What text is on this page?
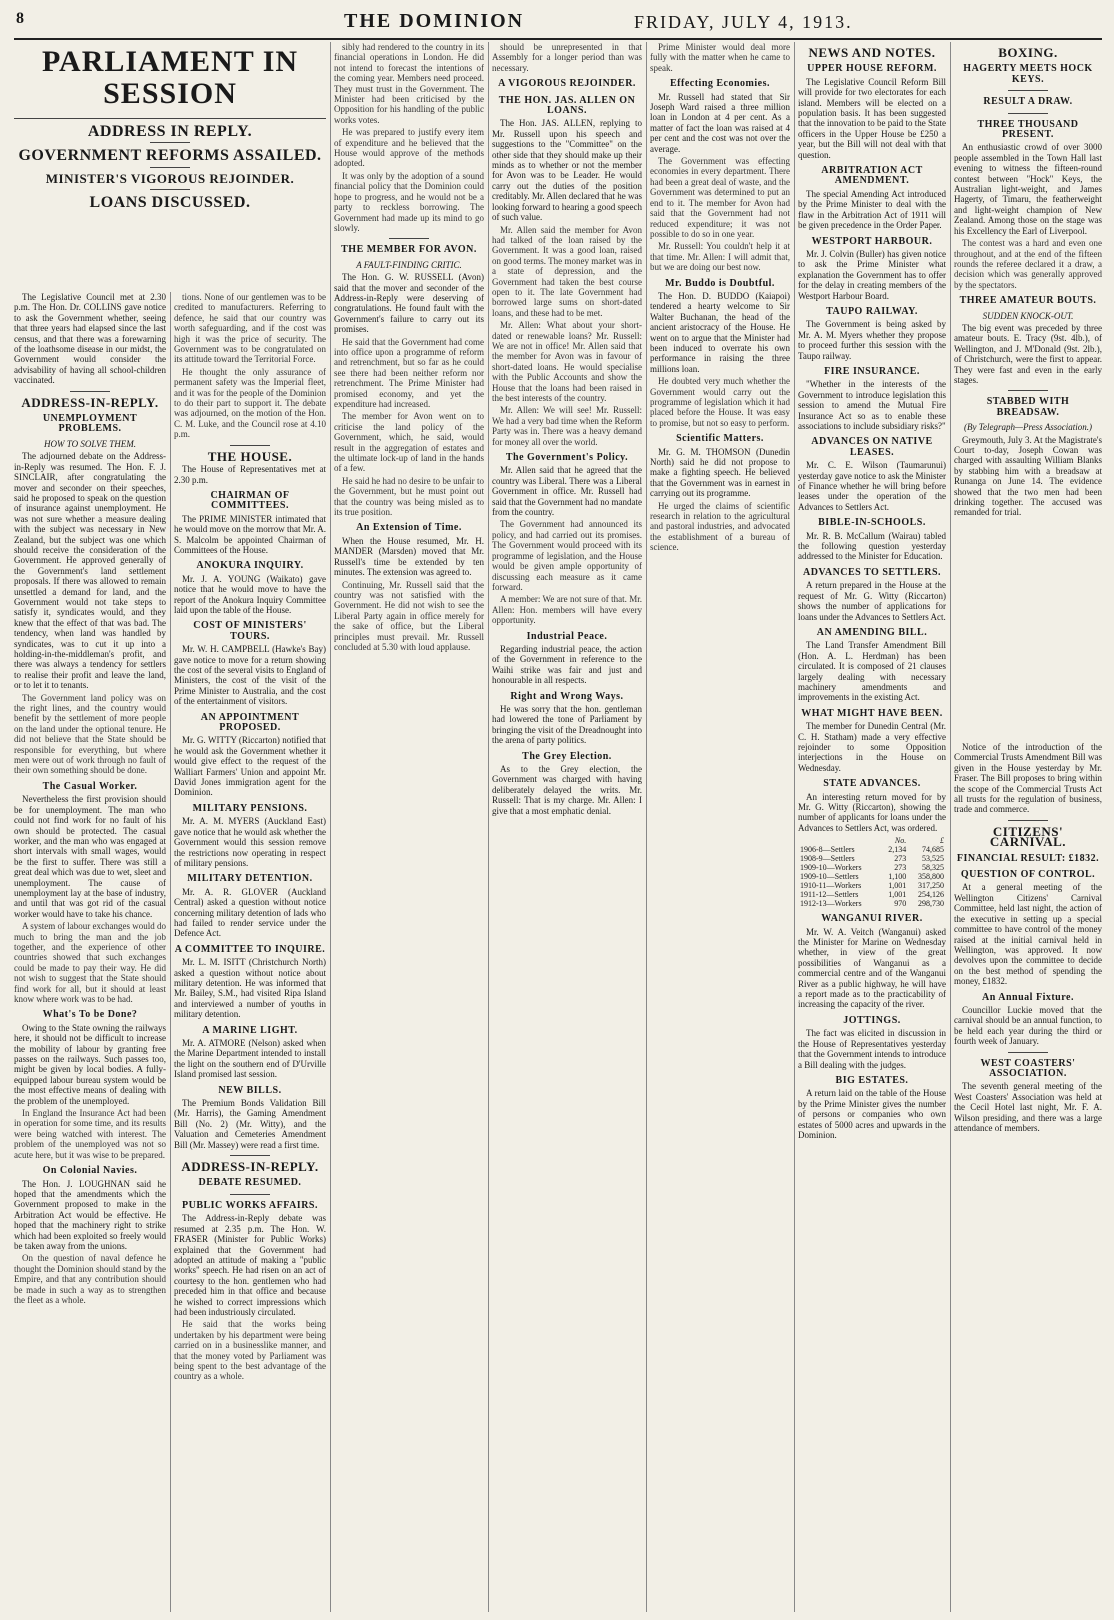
8	THE DOMINION	FRIDAY, JULY 4, 1913.
PARLIAMENT IN SESSION
ADDRESS IN REPLY.
GOVERNMENT REFORMS ASSAILED.
MINISTER'S VIGOROUS REJOINDER.
LOANS DISCUSSED.

The Legislative Council met at 2.30 p.m. The Hon. Dr. COLLINS gave notice to ask the Government whether, seeing that three years had elapsed since the last census, and that there was a forewarning of the loathsome disease in our midst, the Government would consider the advisability of having all school-children vaccinated.

ADDRESS-IN-REPLY.
UNEMPLOYMENT PROBLEMS.
HOW TO SOLVE THEM.

The adjourned debate on the Address-in-Reply was resumed. The Hon. F. J. SINCLAIR, after congratulating the mover and seconder on their speeches, said he proposed to speak on the question of insurance against unemployment. He was not sure whether a measure dealing with the subject was necessary in New Zealand, but the subject was one which should receive the consideration of the Government. He approved generally of the Government's land settlement proposals. If there was allowed to remain unsettled a demand for land, and the Government would not take steps to satisfy it, syndicates would, and they knew that the effect of that was bad. The tendency, when land was handled by syndicates, was to cut it up into a holding-in-the-middleman's profit, and there was always a tendency for settlers to realise their profit and leave the land, or to let it to tenants.

The Government land policy was on the right lines, and the country would benefit by the settlement of more people on the land under the optional tenure. He did not believe that the State should be responsible for everything, but where men were out of work through no fault of their own something should be done.

The Casual Worker.

Nevertheless the first provision should be for unemployment. The man who could not find work for no fault of his own should be protected. The casual worker, and the man who was engaged at short intervals with small wages, would be the first to suffer. There was still a great deal which was due to wet, sleet and unemployment. The cause of unemployment lay at the base of industry, and until that was got rid of the casual worker would have to take his chance.

A system of labour exchanges would do much to bring the man and the job together, and the experience of other countries showed that such exchanges could be made to pay their way. He did not wish to suggest that the State should find work for all, but it should at least know where work was to be had.

What's To be Done?

Owing to the State owning the railways here, it should not be difficult to increase the mobility of labour by granting free passes on the railways. Such passes too, might be given by local bodies. A fully-equipped labour bureau system would be the most effective means of dealing with the problem of the unemployed.

In England the Insurance Act had been in operation for some time, and its results were being watched with interest. The problem of the unemployed was not so acute here, but it was wise to be prepared.

On Colonial Navies.

The Hon. J. LOUGHNAN said he hoped that the amendments which the Government proposed to make in the Arbitration Act would be effective. He hoped that the machinery right to strike which had been exploited so freely would be taken away from the unions.

On the question of naval defence he thought the Dominion should stand by the Empire, and that any contribution should be made in such a way as to strengthen the fleet as a whole.

tions. None of our gentlemen was to be credited to manufacturers. Referring to defence, he said that our country was worth safeguarding, and if the cost was high it was the price of security. The Government was to be congratulated on its attitude toward the Territorial Force.

He thought the only assurance of permanent safety was the Imperial fleet, and it was for the people of the Dominion to do their part to support it. The debate was adjourned, on the motion of the Hon. C. M. Luke, and the Council rose at 4.10 p.m.

THE HOUSE.

The House of Representatives met at 2.30 p.m.

CHAIRMAN OF COMMITTEES.

The PRIME MINISTER intimated that he would move on the morrow that Mr. A. S. Malcolm be appointed Chairman of Committees of the House.

ANOKURA INQUIRY.

Mr. J. A. YOUNG (Waikato) gave notice that he would move to have the report of the Anokura Inquiry Committee laid upon the table of the House.

COST OF MINISTERS' TOURS.

Mr. W. H. CAMPBELL (Hawke's Bay) gave notice to move for a return showing the cost of the several visits to England of Ministers, the cost of the visit of the Prime Minister to Australia, and the cost of the entertainment of visitors.

AN APPOINTMENT PROPOSED.

Mr. G. WITTY (Riccarton) notified that he would ask the Government whether it would give effect to the request of the Walliart Farmers' Union and appoint Mr. David Jones immigration agent for the Dominion.

MILITARY PENSIONS.

Mr. A. M. MYERS (Auckland East) gave notice that he would ask whether the Government would this session remove the restrictions now operating in respect of military pensions.

MILITARY DETENTION.

Mr. A. R. GLOVER (Auckland Central) asked a question without notice concerning military detention of lads who had failed to render service under the Defence Act.

A COMMITTEE TO INQUIRE.

Mr. L. M. ISITT (Christchurch North) asked a question without notice about military detention. He was informed that Mr. Bailey, S.M., had visited Ripa Island and interviewed a number of youths in military detention.

A MARINE LIGHT.

Mr. A. ATMORE (Nelson) asked when the Marine Department intended to install the light on the southern end of D'Urville Island promised last session.

NEW BILLS.

The Premium Bonds Validation Bill (Mr. Harris), the Gaming Amendment Bill (No. 2) (Mr. Witty), and the Valuation and Cemeteries Amendment Bill (Mr. Massey) were read a first time.

ADDRESS-IN-REPLY.
DEBATE RESUMED.
PUBLIC WORKS AFFAIRS.

The Address-in-Reply debate was resumed at 2.35 p.m. The Hon. W. FRASER (Minister for Public Works) explained that the Government had adopted an attitude of making a "public works" speech. He had risen on an act of courtesy to the hon. gentlemen who had preceded him in that office and because he wished to correct impressions which had been industriously circulated.

He said that the works being undertaken by his department were being carried on in a businesslike manner, and that the money voted by Parliament was being spent to the best advantage of the country as a whole.

sibly had rendered to the country in its financial operations in London. He did not intend to forecast the intentions of the coming year. Members need proceed. They must trust in the Government. The Minister had been criticised by the Opposition for his handling of the public works votes.

He was prepared to justify every item of expenditure and he believed that the House would approve of the methods adopted.

It was only by the adoption of a sound financial policy that the Dominion could hope to progress, and he would not be a party to reckless borrowing. The Government had made up its mind to go slowly.

THE MEMBER FOR AVON.
A FAULT-FINDING CRITIC.

The Hon. G. W. RUSSELL (Avon) said that the mover and seconder of the Address-in-Reply were deserving of congratulations. He found fault with the Government's failure to carry out its promises.

He said that the Government had come into office upon a programme of reform and retrenchment, but so far as he could see there had been neither reform nor retrenchment. The Prime Minister had promised economy, and yet the expenditure had increased.

The member for Avon went on to criticise the land policy of the Government, which, he said, would result in the aggregation of estates and the ultimate lock-up of land in the hands of a few.

He said he had no desire to be unfair to the Government, but he must point out that the country was being misled as to its true position.

An Extension of Time.

When the House resumed, Mr. H. MANDER (Marsden) moved that Mr. Russell's time be extended by ten minutes. The extension was agreed to.

Continuing, Mr. Russell said that the country was not satisfied with the Government. He did not wish to see the Liberal Party again in office merely for the sake of office, but the Liberal principles must prevail. Mr. Russell concluded at 5.30 with loud applause.

should be unrepresented in that Assembly for a longer period than was necessary.

A VIGOROUS REJOINDER.
THE HON. JAS. ALLEN ON LOANS.

The Hon. JAS. ALLEN, replying to Mr. Russell upon his speech and suggestions to the "Committee" on the other side that they should make up their minds as to whether or not the member for Avon was to be Leader. He would carry out the duties of the position creditably. Mr. Allen declared that he was looking forward to hearing a good speech of such value.

Mr. Allen said the member for Avon had talked of the loan raised by the Government. It was a good loan, raised on good terms. The money market was in a state of depression, and the Government had taken the best course open to it. The late Government had borrowed large sums on short-dated loans, and these had to be met.

Mr. Allen: What about your short-dated or renewable loans? Mr. Russell: We are not in office! Mr. Allen said that the member for Avon was in favour of short-dated loans. He would specialise with the Public Accounts and show the House that the loans had been raised in the best interests of the country.

Mr. Allen: We will see! Mr. Russell: We had a very bad time when the Reform Party was in. There was a heavy demand for money all over the world.

The Government's Policy.

Mr. Allen said that he agreed that the country was Liberal. There was a Liberal Government in office. Mr. Russell had said that the Government had no mandate from the country.

The Government had announced its policy, and had carried out its promises. The Government would proceed with its programme of legislation, and the House would be given ample opportunity of discussing each measure as it came forward.

A member: We are not sure of that. Mr. Allen: Hon. members will have every opportunity.

Industrial Peace.

Regarding industrial peace, the action of the Government in reference to the Waihi strike was fair and just and honourable in all respects.

Right and Wrong Ways.

He was sorry that the hon. gentleman had lowered the tone of Parliament by bringing the visit of the Dreadnought into the arena of party politics.

The Grey Election.

As to the Grey election, the Government was charged with having deliberately delayed the writs. Mr. Russell: That is my charge. Mr. Allen: I give that a most emphatic denial.

Prime Minister would deal more fully with the matter when he came to speak.

Effecting Economies.

Mr. Russell had stated that Sir Joseph Ward raised a three million loan in London at 4 per cent. As a matter of fact the loan was raised at 4 per cent and the cost was not over the average.

The Government was effecting economies in every department. There had been a great deal of waste, and the Government was determined to put an end to it. The member for Avon had said that the Government had not reduced expenditure; it was not possible to do so in one year.

Mr. Russell: You couldn't help it at that time. Mr. Allen: I will admit that, but we are doing our best now.

Mr. Buddo is Doubtful.

The Hon. D. BUDDO (Kaiapoi) tendered a hearty welcome to Sir Walter Buchanan, the head of the ancient aristocracy of the House. He went on to argue that the Minister had been induced to overrate his own performance in raising the three millions loan.

He doubted very much whether the Government would carry out the programme of legislation which it had placed before the House. It was easy to promise, but not so easy to perform.

Scientific Matters.

Mr. G. M. THOMSON (Dunedin North) said he did not propose to make a fighting speech. He believed that the Government was in earnest in carrying out its programme.

He urged the claims of scientific research in relation to the agricultural and pastoral industries, and advocated the establishment of a bureau of science.

NEWS AND NOTES.
UPPER HOUSE REFORM.

The Legislative Council Reform Bill will provide for two electorates for each island. Members will be elected on a population basis. It has been suggested that the innovation to be paid to the State officers in the Upper House be £250 a year, but the Bill will not deal with that question.

ARBITRATION ACT AMENDMENT.

The special Amending Act introduced by the Prime Minister to deal with the flaw in the Arbitration Act of 1911 will be given precedence in the Order Paper.

WESTPORT HARBOUR.

Mr. J. Colvin (Buller) has given notice to ask the Prime Minister what explanation the Government has to offer for the delay in creating members of the Westport Harbour Board.

TAUPO RAILWAY.

The Government is being asked by Mr. A. M. Myers whether they propose to proceed further this session with the Taupo railway.

FIRE INSURANCE.

"Whether in the interests of the Government to introduce legislation this session to amend the Mutual Fire Insurance Act so as to enable these associations to include subsidiary risks?"

ADVANCES ON NATIVE LEASES.

Mr. C. E. Wilson (Taumarunui) yesterday gave notice to ask the Minister of Finance whether he will bring before leases under the operation of the Advances to Settlers Act.

BIBLE-IN-SCHOOLS.

Mr. R. B. McCallum (Wairau) tabled the following question yesterday addressed to the Minister for Education.

ADVANCES TO SETTLERS.

A return prepared in the House at the request of Mr. G. Witty (Riccarton) shows the number of applications for loans under the Advances to Settlers Act.

AN AMENDING BILL.

The Land Transfer Amendment Bill (Hon. A. L. Herdman) has been circulated. It is composed of 21 clauses largely dealing with necessary machinery amendments and improvements in the existing Act.

WHAT MIGHT HAVE BEEN.

The member for Dunedin Central (Mr. C. H. Statham) made a very effective rejoinder to some Opposition interjections in the House on Wednesday.

STATE ADVANCES.

An interesting return moved for by Mr. G. Witty (Riccarton), showing the number of applicants for loans under the Advances to Settlers Act, was ordered.

	No.	£
1906-8—Settlers	2,134	74,685
1908-9—Settlers	273	53,525
1909-10—Workers	273	58,325
1909-10—Settlers	1,100	358,800
1910-11—Workers	1,001	317,250
1911-12—Settlers	1,001	254,126
1912-13—Workers	970	298,730
WANGANUI RIVER.

Mr. W. A. Veitch (Wanganui) asked the Minister for Marine on Wednesday whether, in view of the great possibilities of Wanganui as a commercial centre and of the Wanganui River as a public highway, he will have a report made as to the practicability of increasing the capacity of the river.

JOTTINGS.

The fact was elicited in discussion in the House of Representatives yesterday that the Government intends to introduce a Bill dealing with the judges.

BIG ESTATES.

A return laid on the table of the House by the Prime Minister gives the number of persons or companies who own estates of 5000 acres and upwards in the Dominion.

BOXING.
HAGERTY MEETS HOCK KEYS.
RESULT A DRAW.
THREE THOUSAND PRESENT.

An enthusiastic crowd of over 3000 people assembled in the Town Hall last evening to witness the fifteen-round contest between "Hock" Keys, the Australian light-weight, and James Hagerty, of Timaru, the featherweight and light-weight champion of New Zealand. Among those on the stage was his Excellency the Earl of Liverpool.

The contest was a hard and even one throughout, and at the end of the fifteen rounds the referee declared it a draw, a decision which was generally approved by the spectators.

THREE AMATEUR BOUTS.
SUDDEN KNOCK-OUT.

The big event was preceded by three amateur bouts. E. Tracy (9st. 4lb.), of Wellington, and J. M'Donald (9st. 2lb.), of Christchurch, were the first to appear. They were fast and even in the early stages.

STABBED WITH BREADSAW.
(By Telegraph—Press Association.)

Greymouth, July 3. At the Magistrate's Court to-day, Joseph Cowan was charged with assaulting William Blanks by stabbing him with a breadsaw at Runanga on June 14. The evidence showed that the two men had been drinking together. The accused was remanded for trial.

Notice of the introduction of the Commercial Trusts Amendment Bill was given in the House yesterday by Mr. Fraser. The Bill proposes to bring within the scope of the Commercial Trusts Act all trusts for the regulation of business, trade and commerce.

CITIZENS' CARNIVAL.
FINANCIAL RESULT: £1832.
QUESTION OF CONTROL.

At a general meeting of the Wellington Citizens' Carnival Committee, held last night, the action of the executive in setting up a special committee to have control of the money raised at the initial carnival held in Wellington, was approved. It now devolves upon the committee to decide on the best method of spending the money, £1832.

An Annual Fixture.

Councillor Luckie moved that the carnival should be an annual function, to be held each year during the third or fourth week of January.

WEST COASTERS' ASSOCIATION.

The seventh general meeting of the West Coasters' Association was held at the Cecil Hotel last night, Mr. F. A. Wilson presiding, and there was a large attendance of members.
